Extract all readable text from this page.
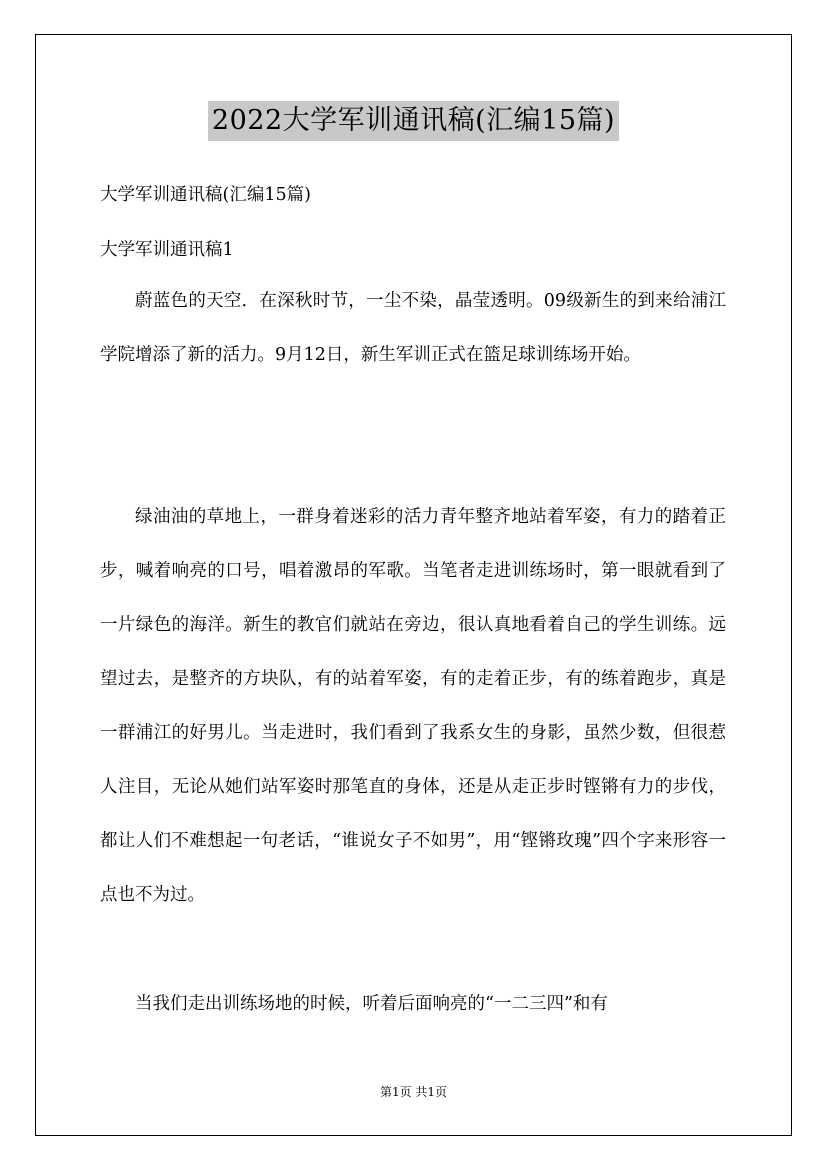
2022大学军训通讯稿(汇编15篇)
大学军训通讯稿(汇编15篇)
大学军训通讯稿1

蔚蓝色的天空．在深秋时节，一尘不染，晶莹透明。09级新生的到来给浦江学院增添了新的活力。9月12日，新生军训正式在篮足球训练场开始。

绿油油的草地上，一群身着迷彩的活力青年整齐地站着军姿，有力的踏着正步，喊着响亮的口号，唱着激昂的军歌。当笔者走进训练场时，第一眼就看到了一片绿色的海洋。新生的教官们就站在旁边，很认真地看着自己的学生训练。远望过去，是整齐的方块队，有的站着军姿，有的走着正步，有的练着跑步，真是一群浦江的好男儿。当走进时，我们看到了我系女生的身影，虽然少数，但很惹人注目，无论从她们站军姿时那笔直的身体，还是从走正步时铿锵有力的步伐，都让人们不难想起一句老话，“谁说女子不如男”，用“铿锵玫瑰”四个字来形容一点也不为过。

当我们走出训练场地的时候，听着后面响亮的“一二三四”和有

第1页 共1页
